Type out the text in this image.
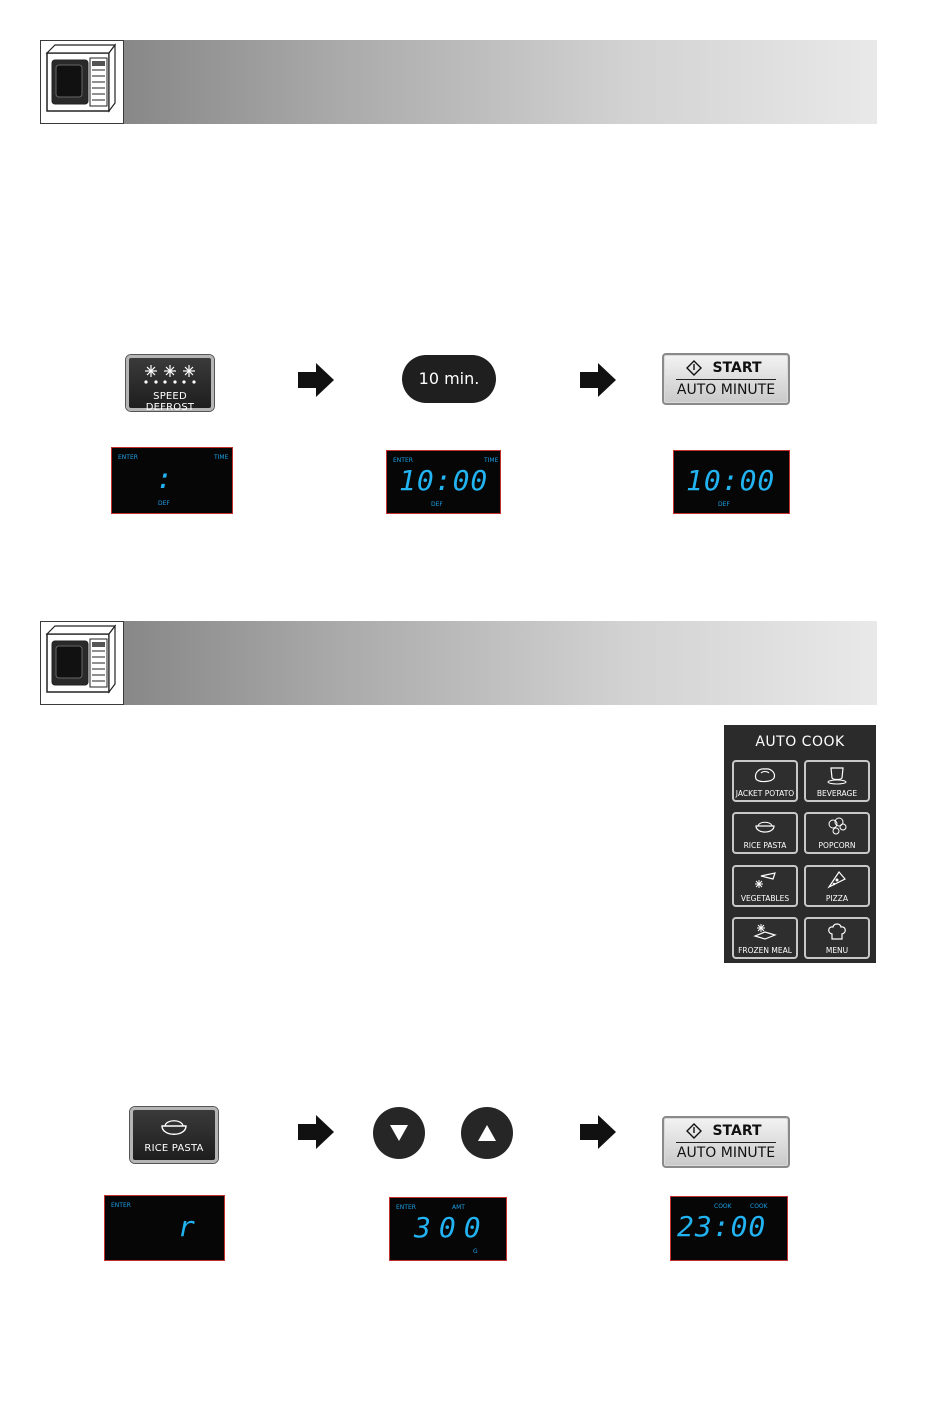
SPEED DEFROST
10 min.
START
AUTO MINUTE
ENTER	TIME
:
DEF
ENTER	TIME
10:00
DEF
10:00
DEF
AUTO COOK
JACKET POTATO	BEVERAGE
RICE PASTA	POPCORN
VEGETABLES	PIZZA
FROZEN MEAL	MENU
RICE PASTA
START
AUTO MINUTE
ENTER
r
ENTER	AMT
300
G
COOK	COOK
23:00
